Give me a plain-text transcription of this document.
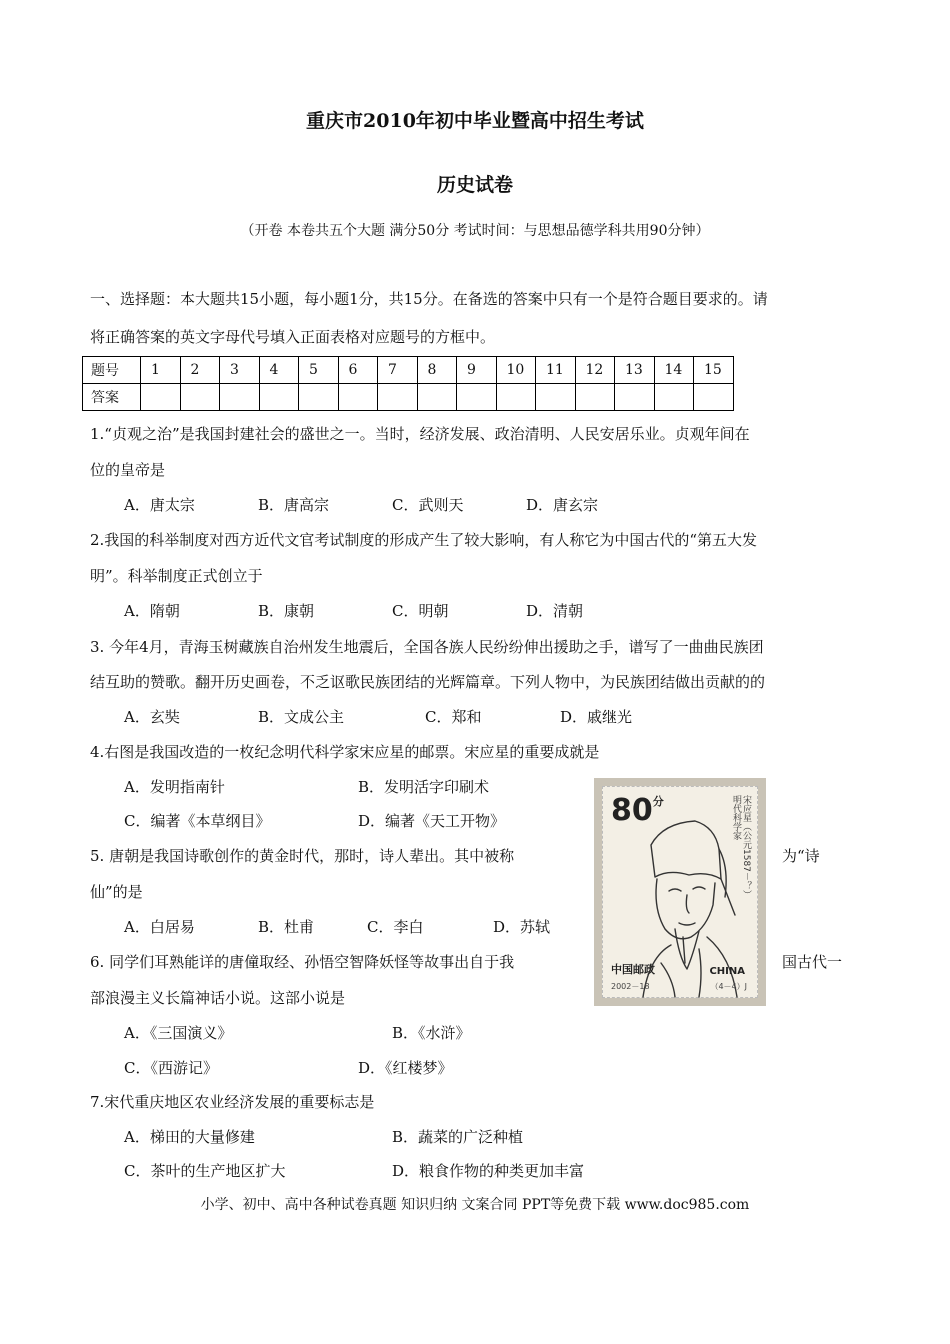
重庆市2010年初中毕业暨高中招生考试
历史试卷
（开卷 本卷共五个大题 满分50分 考试时间：与思想品德学科共用90分钟）
一、选择题：本大题共15小题，每小题1分，共15分。在备选的答案中只有一个是符合题目要求的。请
将正确答案的英文字母代号填入正面表格对应题号的方框中。
题号	1	2	3	4	5	6	7	8	9	10	11	12	13	14	15
答案															
1.“贞观之治”是我国封建社会的盛世之一。当时，经济发展、政治清明、人民安居乐业。贞观年间在
位的皇帝是
A．唐太宗	B．唐高宗	C．武则天	D．唐玄宗
2.我国的科举制度对西方近代文官考试制度的形成产生了较大影响，有人称它为中国古代的“第五大发
明”。科举制度正式创立于
A．隋朝	B．康朝	C．明朝	D．清朝
3. 今年4月，青海玉树藏族自治州发生地震后，全国各族人民纷纷伸出援助之手，谱写了一曲曲民族团
结互助的赞歌。翻开历史画卷，不乏讴歌民族团结的光辉篇章。下列人物中，为民族团结做出贡献的的
A．玄奘	B．文成公主	C．郑和	D．戚继光
4.右图是我国改造的一枚纪念明代科学家宋应星的邮票。宋应星的重要成就是
A．发明指南针	B．发明活字印刷术
C．编著《本草纲目》	D．编著《天工开物》
5. 唐朝是我国诗歌创作的黄金时代，那时，诗人辈出。其中被称	为“诗
仙”的是
A．白居易	B．杜甫	C．李白	D．苏轼
6. 同学们耳熟能详的唐僮取经、孙悟空智降妖怪等故事出自于我	国古代一
部浪漫主义长篇神话小说。这部小说是
A．《三国演义》	B．《水浒》
C．《西游记》	D．《红楼梦》
7.宋代重庆地区农业经济发展的重要标志是
A．梯田的大量修建	B．蔬菜的广泛种植
C．茶叶的生产地区扩大	D．粮食作物的种类更加丰富
$80^分$	宋应星（公元1587－？）明代科学家
中国邮政	CHINA
2002－18	（4－4）J
小学、初中、高中各种试卷真题 知识归纳 文案合同 PPT等免费下载 www.doc985.com
